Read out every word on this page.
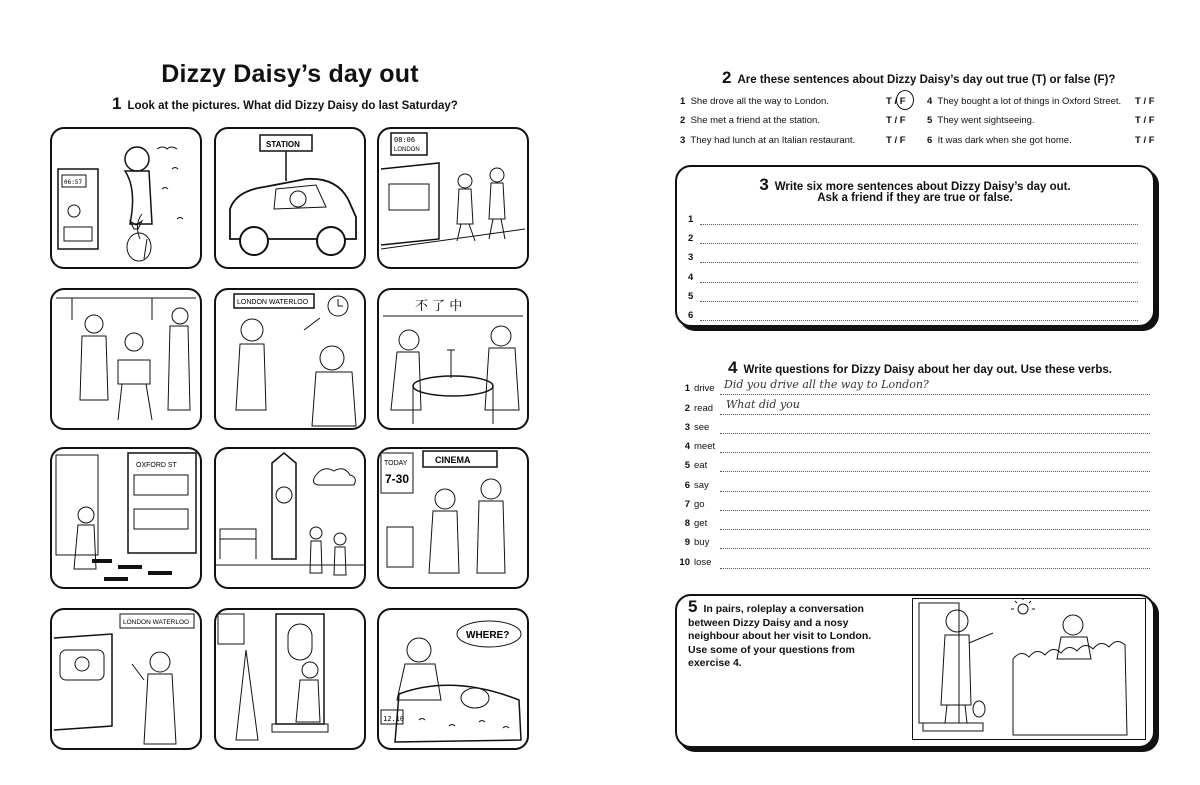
Dizzy Daisy’s day out
1 Look at the pictures. What did Dizzy Daisy do last Saturday?
06:57
STATION	08:06
LONDON
LONDON WATERLOO	不 了 中
OXFORD ST
CINEMA
TODAY
7-30
LONDON WATERLOO
WHERE?
12.10
2 Are these sentences about Dizzy Daisy’s day out true (T) or false (F)?
1 She drove all the way to London.	T / F
2 She met a friend at the station.	T / F
3 They had lunch at an Italian restaurant.	T / F
4 They bought a lot of things in Oxford Street. T / F
5 They went sightseeing.	T / F
6 It was dark when she got home.	T / F
3 Write six more sentences about Dizzy Daisy’s day out.
Ask a friend if they are true or false.
1
2
3
4
5
6
4 Write questions for Dizzy Daisy about her day out. Use these verbs.
1 drive Did you drive all the way to London?
2 read What did you
3 see
4 meet
5 eat
6 say
7 go
8 get
9 buy
10 lose
5 In pairs, roleplay a conversation
between Dizzy Daisy and a nosy
neighbour about her visit to London.
Use some of your questions from
exercise 4.
